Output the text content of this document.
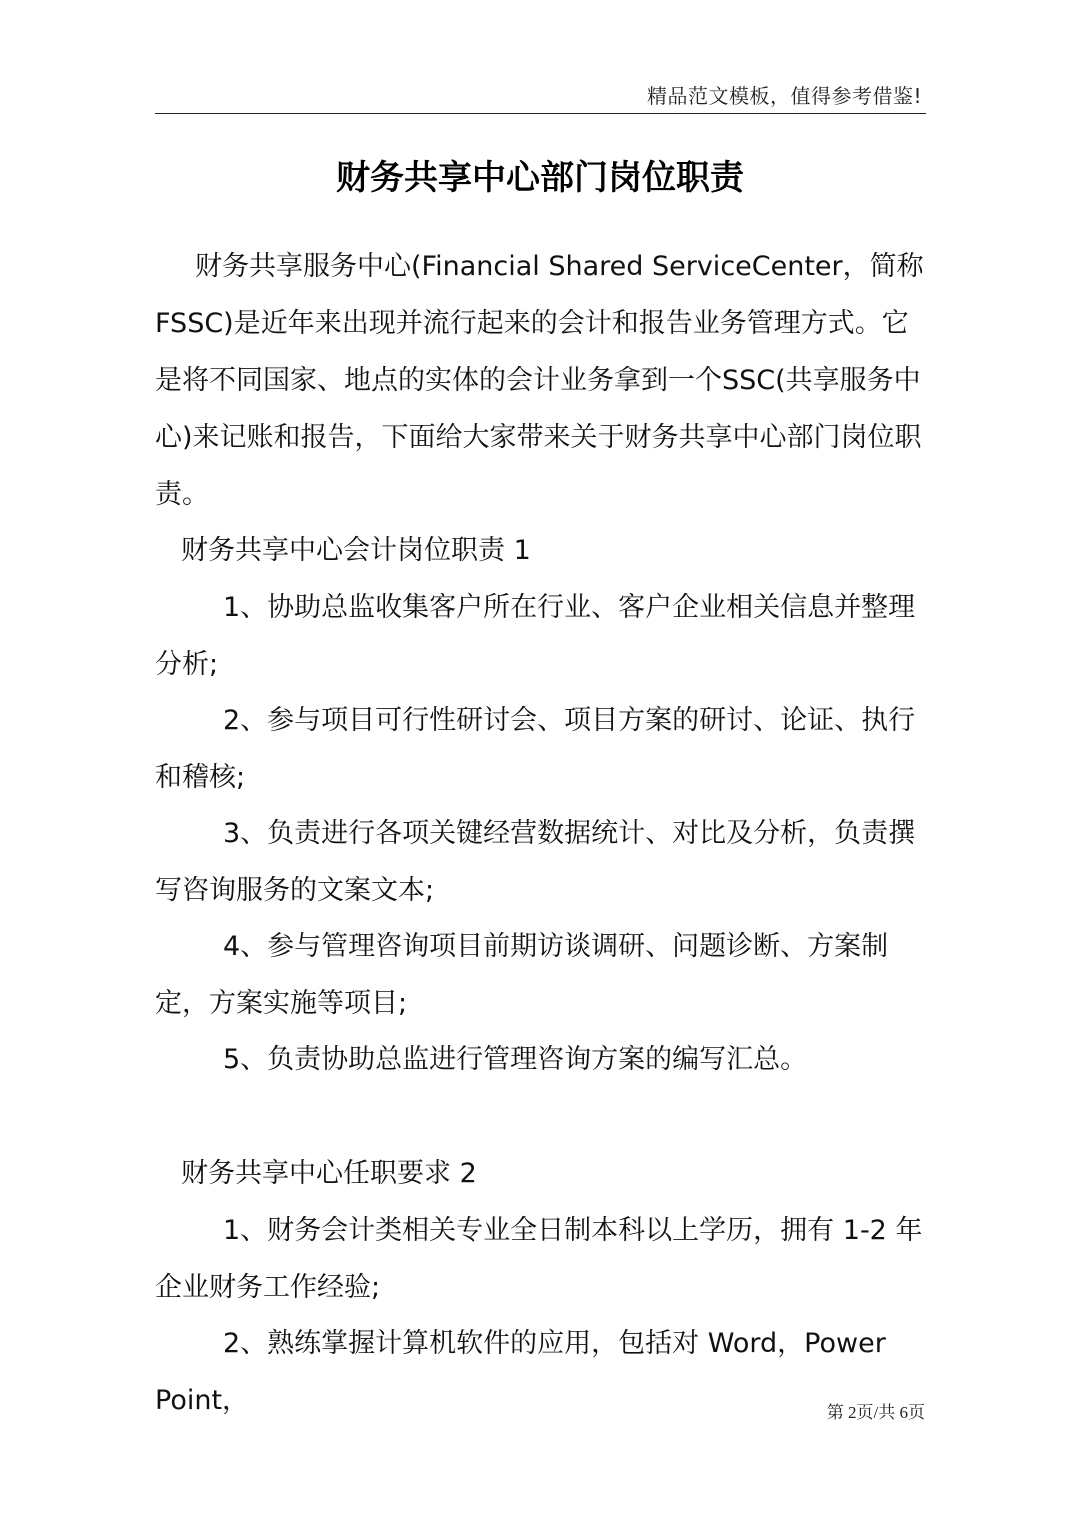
精品范文模板，值得参考借鉴!
财务共享中心部门岗位职责
财务共享服务中心(Financial Shared ServiceCenter，简称FSSC)是近年来出现并流行起来的会计和报告业务管理方式。它是将不同国家、地点的实体的会计业务拿到一个SSC(共享服务中心)来记账和报告，下面给大家带来关于财务共享中心部门岗位职责。
财务共享中心会计岗位职责 1
1、协助总监收集客户所在行业、客户企业相关信息并整理分析;
2、参与项目可行性研讨会、项目方案的研讨、论证、执行和稽核;
3、负责进行各项关键经营数据统计、对比及分析，负责撰写咨询服务的文案文本;
4、参与管理咨询项目前期访谈调研、问题诊断、方案制定，方案实施等项目;
5、负责协助总监进行管理咨询方案的编写汇总。
财务共享中心任职要求 2
1、财务会计类相关专业全日制本科以上学历，拥有 1-2 年企业财务工作经验;
2、熟练掌握计算机软件的应用，包括对 Word，Power Point，	第 2页/共 6页
